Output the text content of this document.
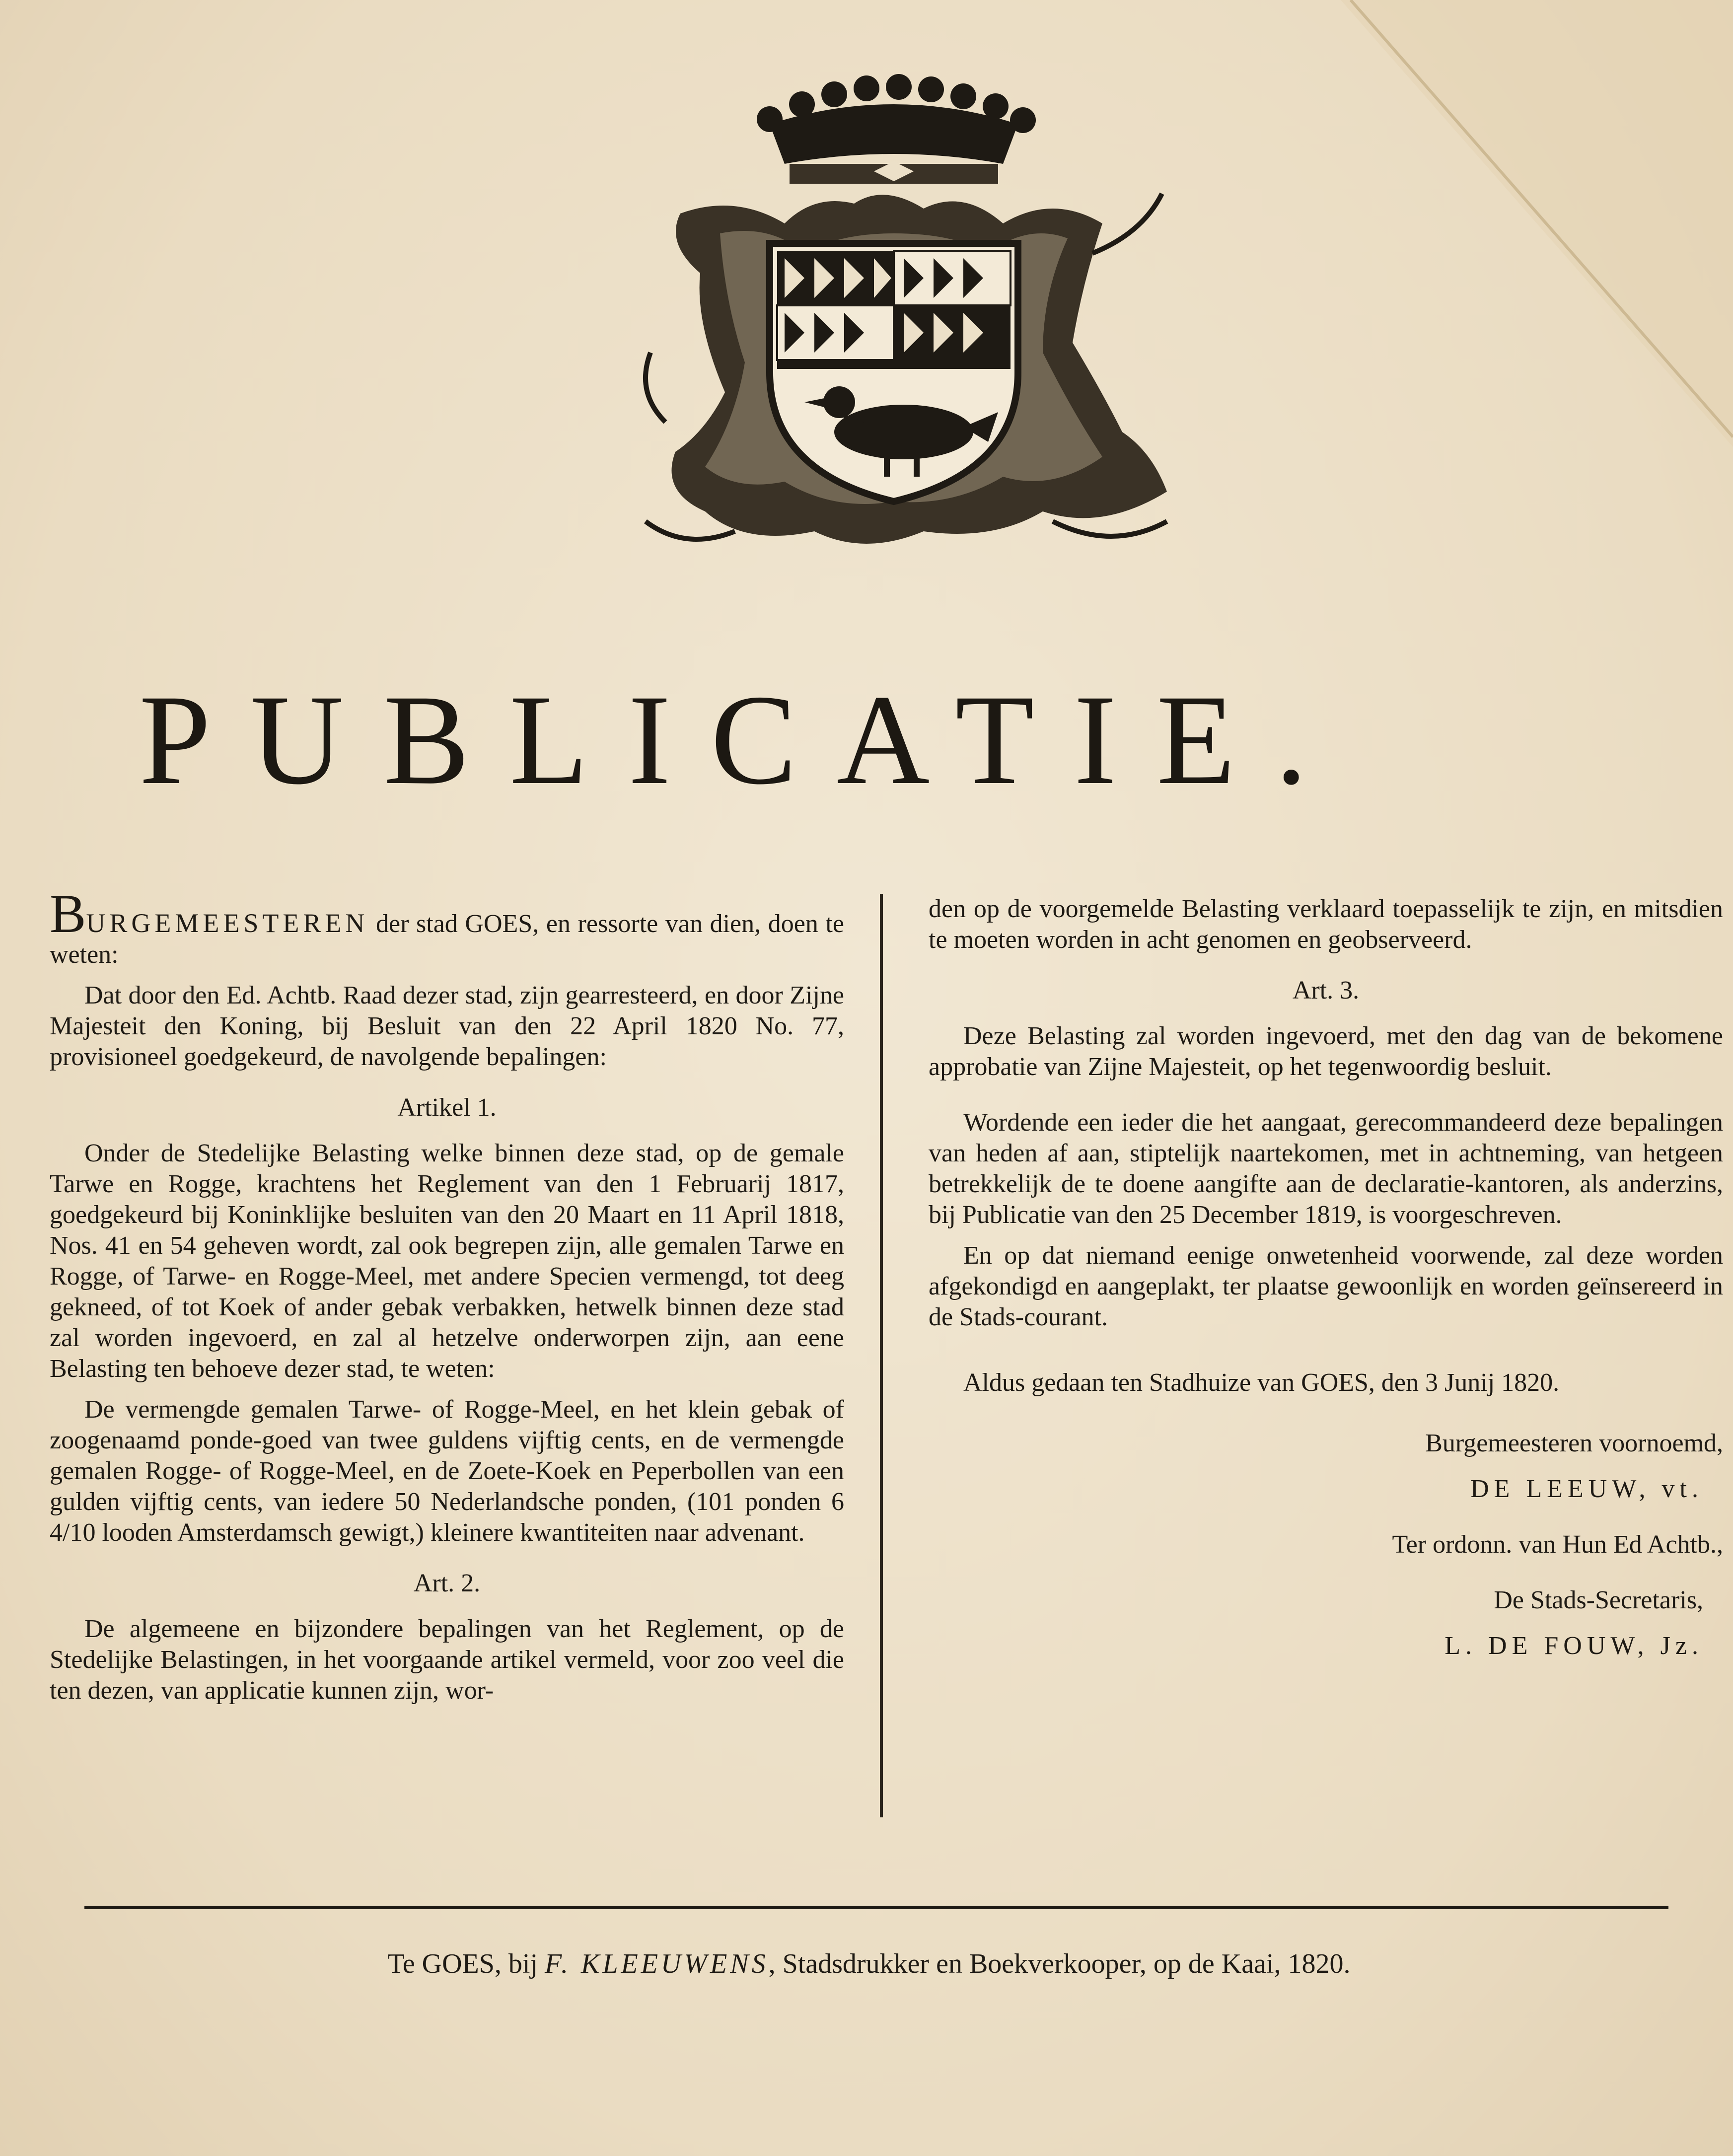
PUBLICATIE.

BURGEMEESTEREN der stad GOES, en ressorte van dien, doen te weten:

Dat door den Ed. Achtb. Raad dezer stad, zijn gearresteerd, en door Zijne Majesteit den Koning, bij Besluit van den 22 April 1820 No. 77, provisioneel goedgekeurd, de navolgende bepalingen:

Artikel 1.

Onder de Stedelijke Belasting welke binnen deze stad, op de gemale Tarwe en Rogge, krachtens het Reglement van den 1 Februarij 1817, goedgekeurd bij Koninklijke besluiten van den 20 Maart en 11 April 1818, Nos. 41 en 54 geheven wordt, zal ook begrepen zijn, alle gemalen Tarwe en Rogge, of Tarwe- en Rogge-Meel, met andere Specien vermengd, tot deeg gekneed, of tot Koek of ander gebak verbakken, hetwelk binnen deze stad zal worden ingevoerd, en zal al hetzelve onderworpen zijn, aan eene Belasting ten behoeve dezer stad, te weten:

De vermengde gemalen Tarwe- of Rogge-Meel, en het klein gebak of zoogenaamd ponde-goed van twee guldens vijftig cents, en de vermengde gemalen Rogge- of Rogge-Meel, en de Zoete-Koek en Peperbollen van een gulden vijftig cents, van iedere 50 Nederlandsche ponden, (101 ponden 6 4/10 looden Amsterdamsch gewigt,) kleinere kwantiteiten naar advenant.

Art. 2.

De algemeene en bijzondere bepalingen van het Reglement, op de Stedelijke Belastingen, in het voorgaande artikel vermeld, voor zoo veel die ten dezen, van applicatie kunnen zijn, wor-

den op de voorgemelde Belasting verklaard toepasselijk te zijn, en mitsdien te moeten worden in acht genomen en geobserveerd.

Art. 3.

Deze Belasting zal worden ingevoerd, met den dag van de bekomene approbatie van Zijne Majesteit, op het tegenwoordig besluit.

Wordende een ieder die het aangaat, gerecommandeerd deze bepalingen van heden af aan, stiptelijk naartekomen, met in achtneming, van hetgeen betrekkelijk de te doene aangifte aan de declaratie-kantoren, als anderzins, bij Publicatie van den 25 December 1819, is voorgeschreven.

En op dat niemand eenige onwetenheid voorwende, zal deze worden afgekondigd en aangeplakt, ter plaatse gewoonlijk en worden geïnsereerd in de Stads-courant.

Aldus gedaan ten Stadhuize van GOES, den 3 Junij 1820.

Burgemeesteren voornoemd,
DE LEEUW, vt.
Ter ordonn. van Hun Ed Achtb.,
De Stads-Secretaris,
L. DE FOUW, Jz.
Te GOES, bij F. KLEEUWENS, Stadsdrukker en Boekverkooper, op de Kaai, 1820.
